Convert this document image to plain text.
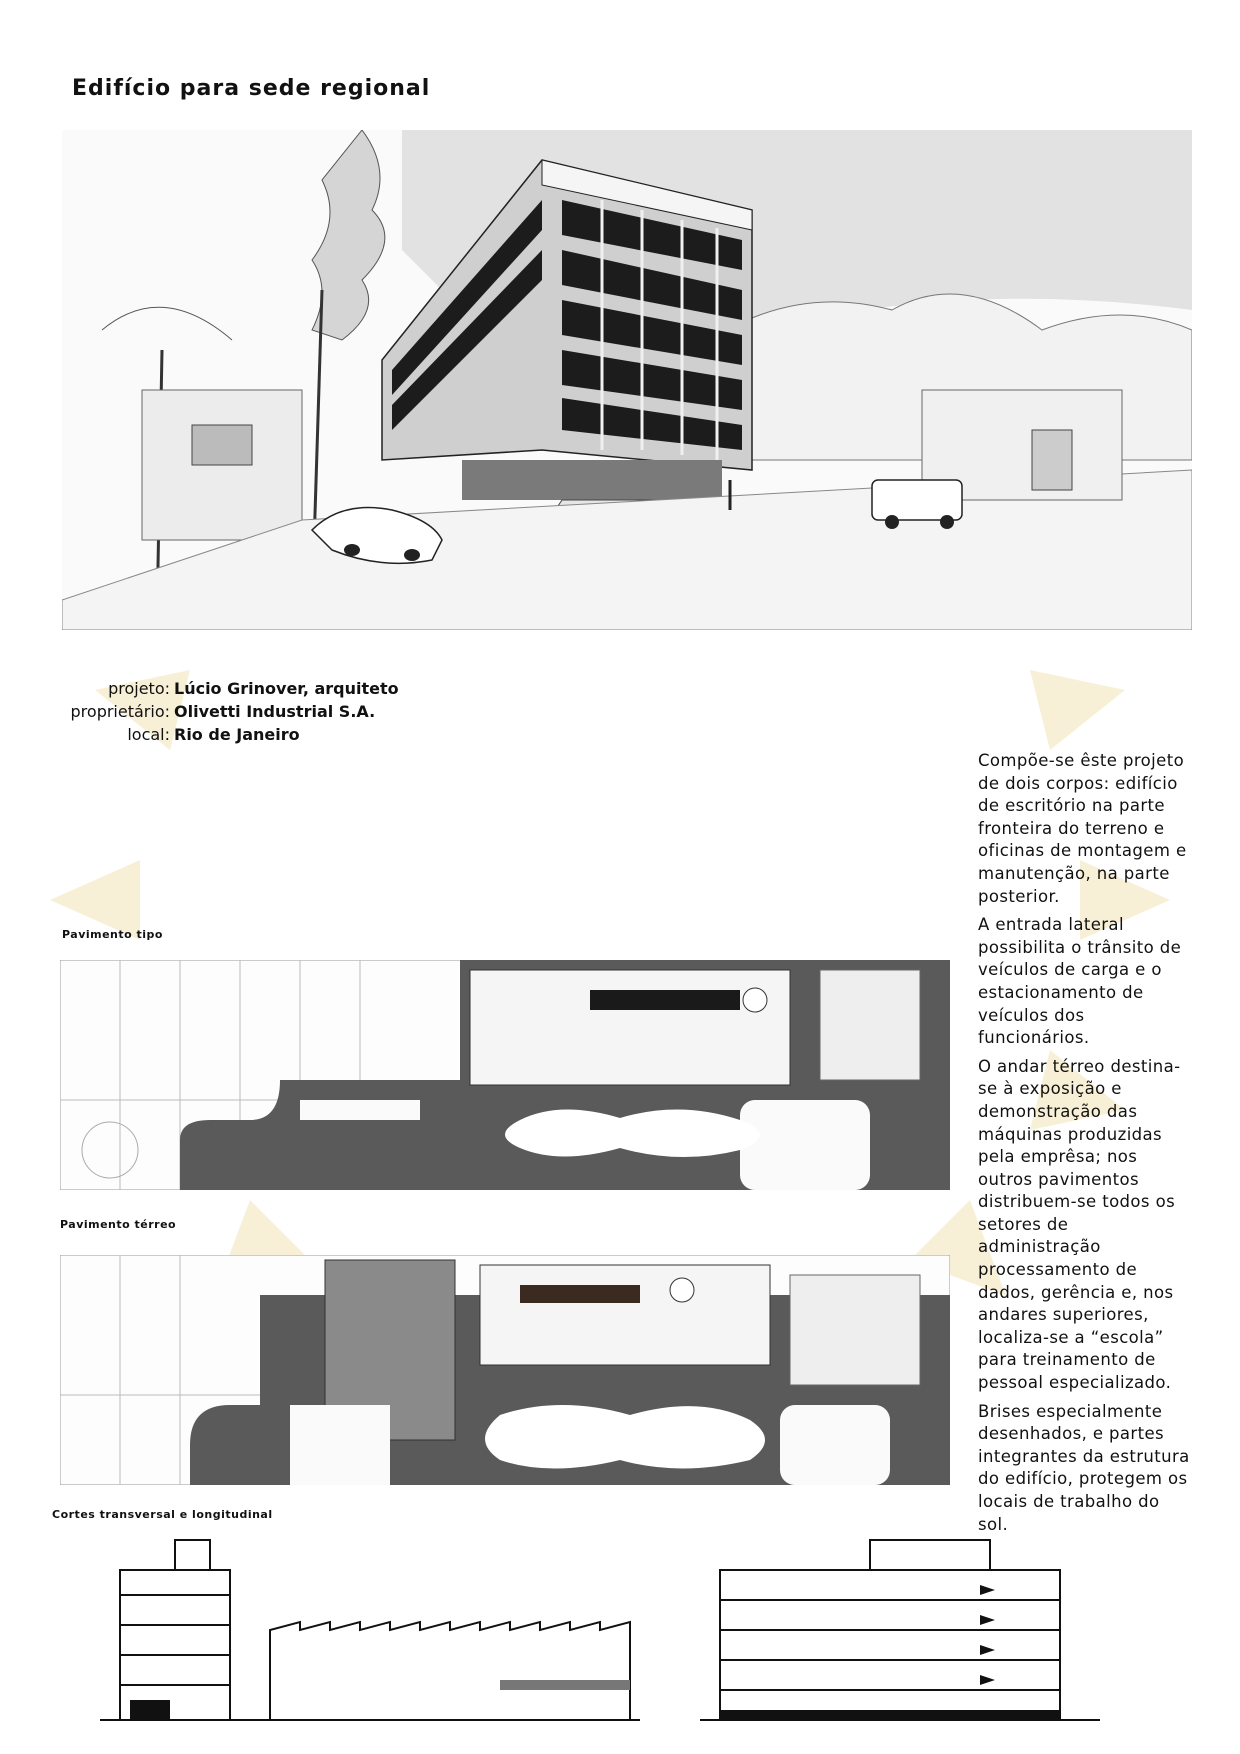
Edifício para sede regional
projeto: Lúcio Grinover, arquiteto
proprietário: Olivetti Industrial S.A.
local: Rio de Janeiro
Pavimento tipo
Pavimento térreo
Cortes transversal e longitudinal

Compõe-se êste projeto de dois corpos: edifício de escritório na parte fronteira do terreno e oficinas de montagem e manutenção, na parte posterior.

A entrada lateral possibilita o trânsito de veículos de carga e o estacionamento de veículos dos funcionários.

O andar térreo destina-se à exposição e demonstração das máquinas produzidas pela emprêsa; nos outros pavimentos distribuem-se todos os setores de administração processamento de dados, gerência e, nos andares superiores, localiza-se a “escola” para treinamento de pessoal especializado.

Brises especialmente desenhados, e partes integrantes da estrutura do edifício, protegem os locais de trabalho do sol.
